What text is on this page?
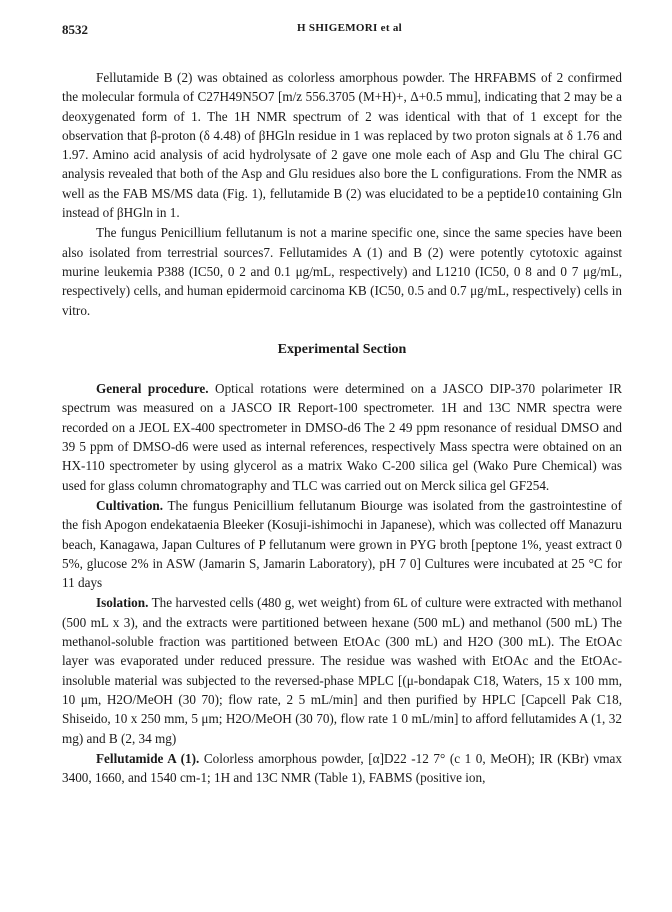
8532	H SHIGEMORI et al

Fellutamide B (2) was obtained as colorless amorphous powder. The HRFABMS of 2 confirmed the molecular formula of C27H49N5O7 [m/z 556.3705 (M+H)+, Δ+0.5 mmu], indicating that 2 may be a deoxygenated form of 1. The 1H NMR spectrum of 2 was identical with that of 1 except for the observation that β-proton (δ 4.48) of βHGln residue in 1 was replaced by two proton signals at δ 1.76 and 1.97. Amino acid analysis of acid hydrolysate of 2 gave one mole each of Asp and Glu The chiral GC analysis revealed that both of the Asp and Glu residues also bore the L configurations. From the NMR as well as the FAB MS/MS data (Fig. 1), fellutamide B (2) was elucidated to be a peptide10 containing Gln instead of βHGln in 1.

The fungus Penicillium fellutanum is not a marine specific one, since the same species have been also isolated from terrestrial sources7. Fellutamides A (1) and B (2) were potently cytotoxic against murine leukemia P388 (IC50, 0 2 and 0.1 μg/mL, respectively) and L1210 (IC50, 0 8 and 0 7 μg/mL, respectively) cells, and human epidermoid carcinoma KB (IC50, 0.5 and 0.7 μg/mL, respectively) cells in vitro.

Experimental Section

General procedure. Optical rotations were determined on a JASCO DIP-370 polarimeter IR spectrum was measured on a JASCO IR Report-100 spectrometer. 1H and 13C NMR spectra were recorded on a JEOL EX-400 spectrometer in DMSO-d6 The 2 49 ppm resonance of residual DMSO and 39 5 ppm of DMSO-d6 were used as internal references, respectively Mass spectra were obtained on an HX-110 spectrometer by using glycerol as a matrix Wako C-200 silica gel (Wako Pure Chemical) was used for glass column chromatography and TLC was carried out on Merck silica gel GF254.

Cultivation. The fungus Penicillium fellutanum Biourge was isolated from the gastrointestine of the fish Apogon endekataenia Bleeker (Kosuji-ishimochi in Japanese), which was collected off Manazuru beach, Kanagawa, Japan Cultures of P fellutanum were grown in PYG broth [peptone 1%, yeast extract 0 5%, glucose 2% in ASW (Jamarin S, Jamarin Laboratory), pH 7 0] Cultures were incubated at 25 °C for 11 days

Isolation. The harvested cells (480 g, wet weight) from 6L of culture were extracted with methanol (500 mL x 3), and the extracts were partitioned between hexane (500 mL) and methanol (500 mL) The methanol-soluble fraction was partitioned between EtOAc (300 mL) and H2O (300 mL). The EtOAc layer was evaporated under reduced pressure. The residue was washed with EtOAc and the EtOAc-insoluble material was subjected to the reversed-phase MPLC [(μ-bondapak C18, Waters, 15 x 100 mm, 10 μm, H2O/MeOH (30 70); flow rate, 2 5 mL/min] and then purified by HPLC [Capcell Pak C18, Shiseido, 10 x 250 mm, 5 μm; H2O/MeOH (30 70), flow rate 1 0 mL/min] to afford fellutamides A (1, 32 mg) and B (2, 34 mg)

Fellutamide A (1). Colorless amorphous powder, [α]D22 -12 7° (c 1 0, MeOH); IR (KBr) νmax 3400, 1660, and 1540 cm-1; 1H and 13C NMR (Table 1), FABMS (positive ion,
